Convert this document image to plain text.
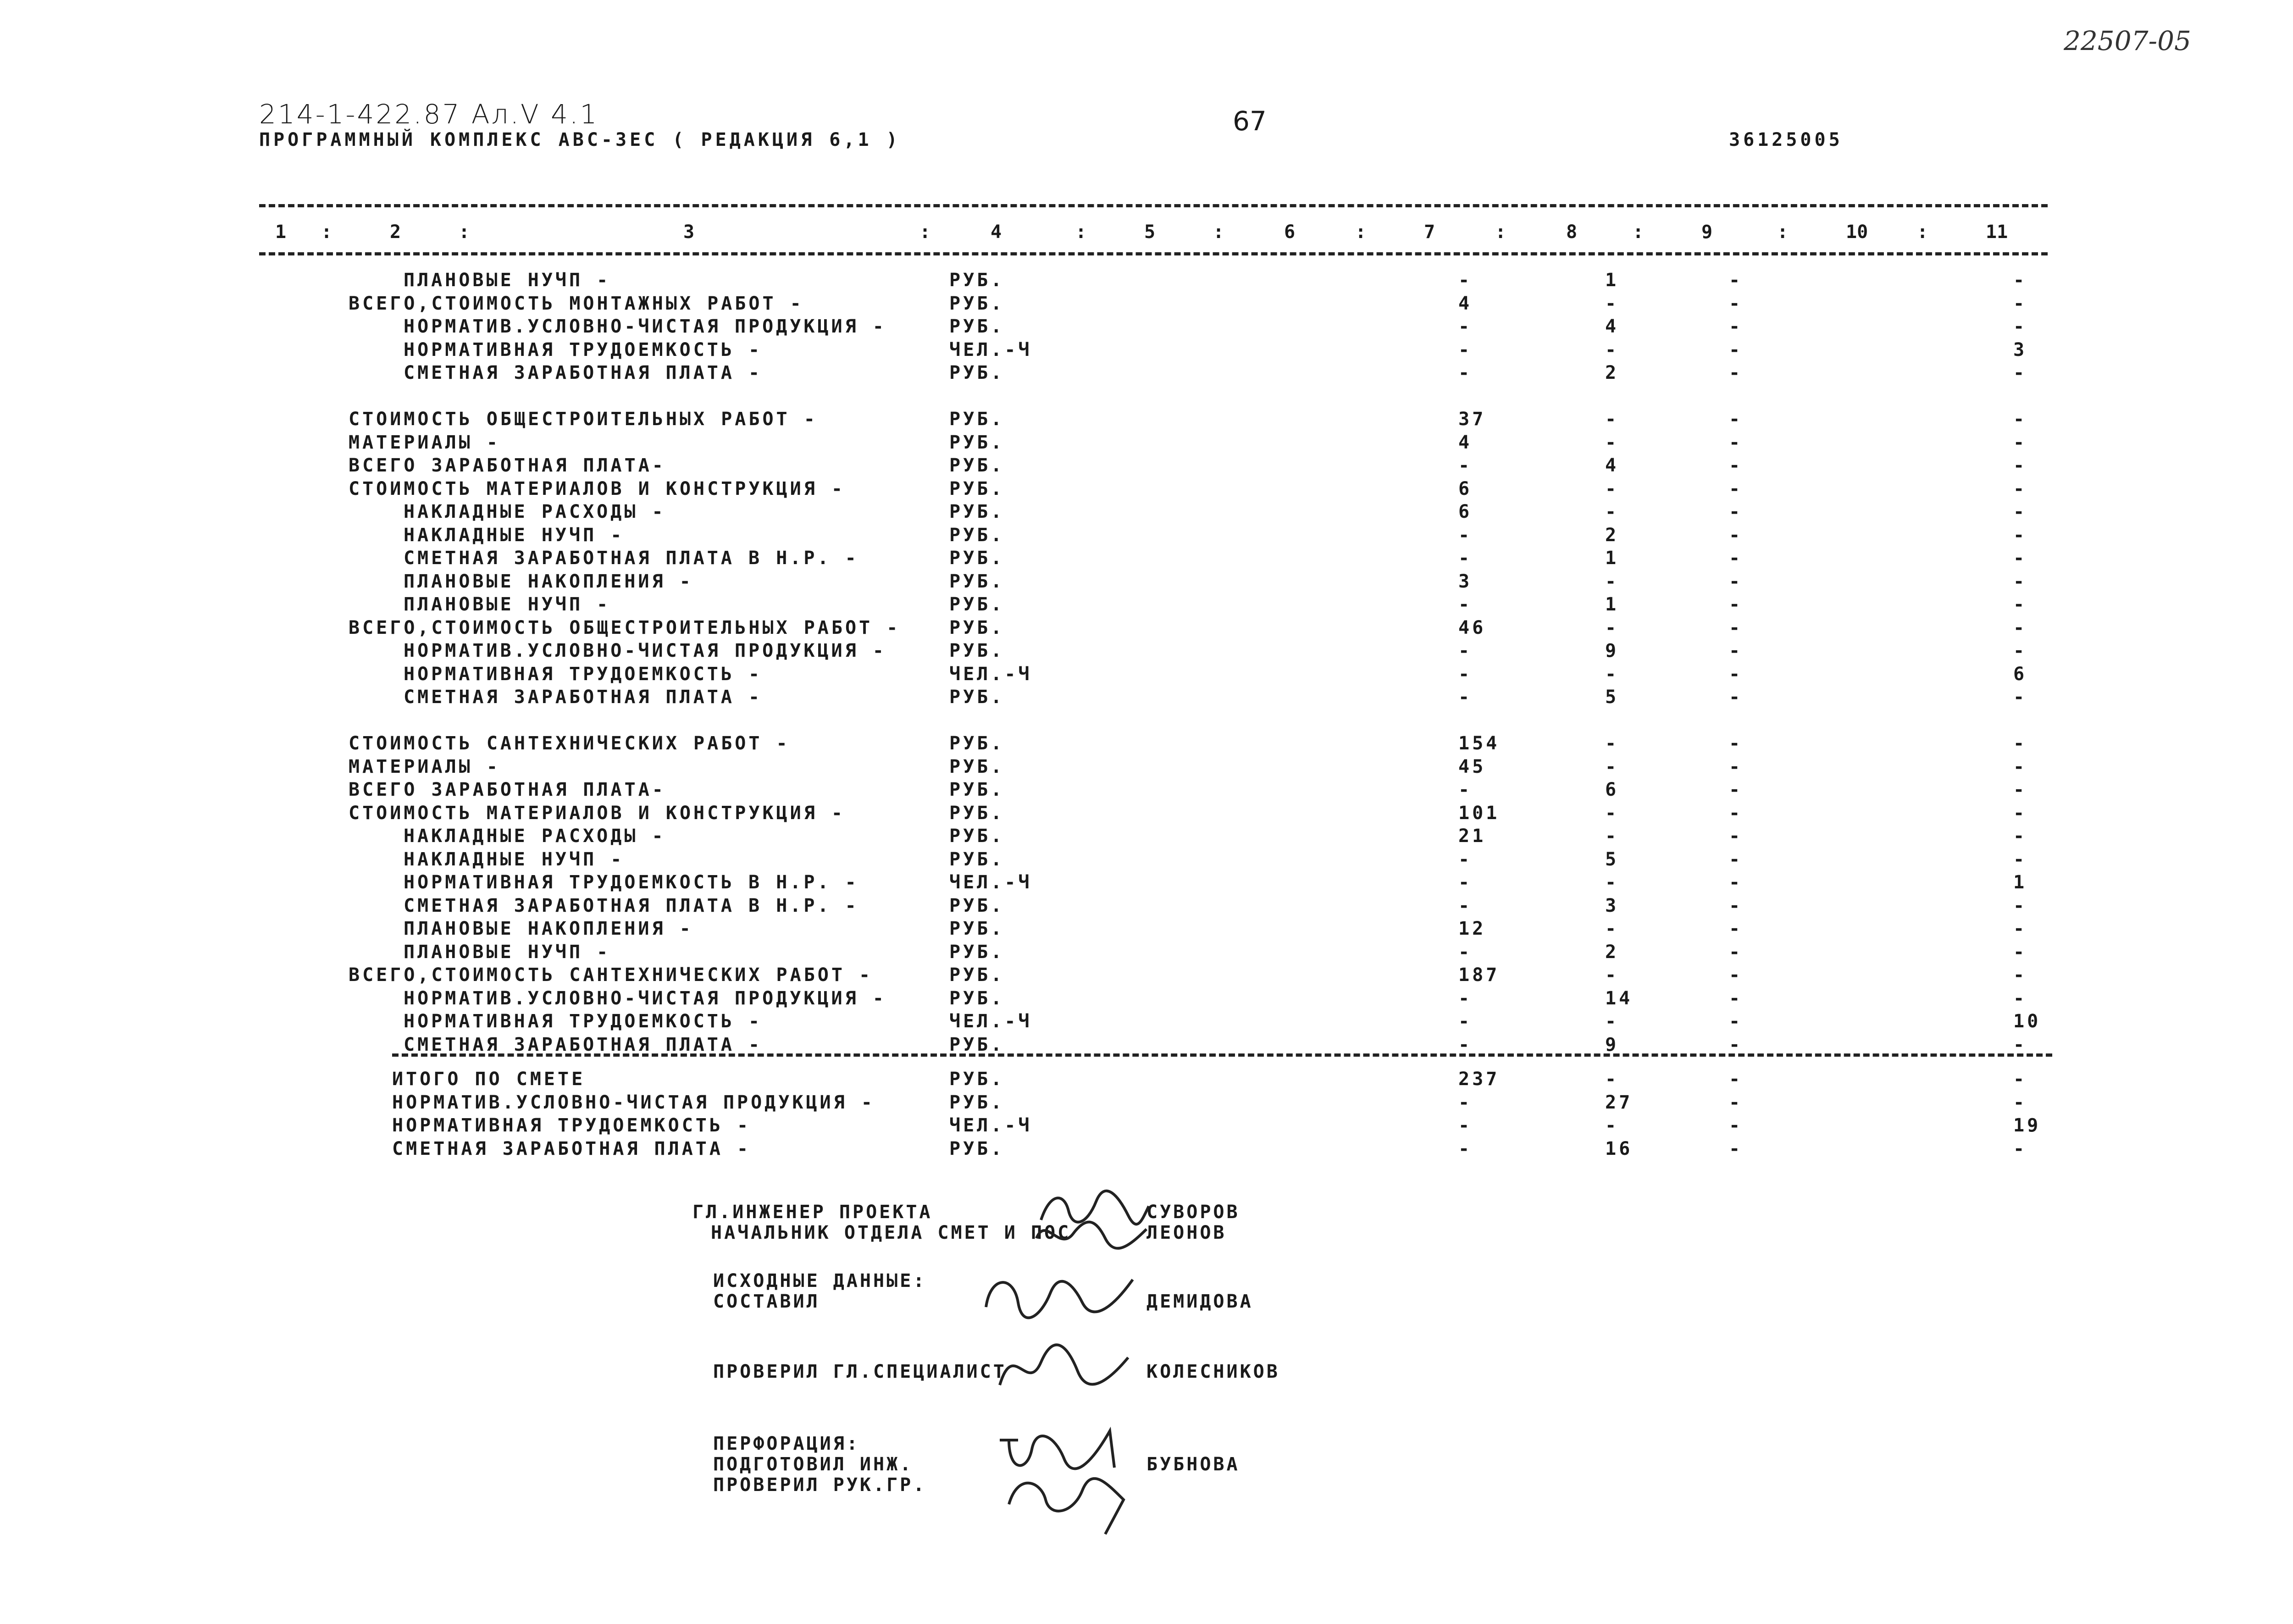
22507-05
214-1-422.87 Ал.V 4.1
ПРОГРАММНЫЙ КОМПЛЕКС АВС-3ЕС ( РЕДАКЦИЯ 6,1 )
67
36125005
1	2	3	4	5	6	7	8	9	10	11
:	:	:	:	:	:	:	:	:	:
ПЛАНОВЫЕ НУЧП -	РУБ.	-	1	-	-
ВСЕГО,СТОИМОСТЬ МОНТАЖНЫХ РАБОТ -	РУБ.	4	-	-	-
НОРМАТИВ.УСЛОВНО-ЧИСТАЯ ПРОДУКЦИЯ -	РУБ.	-	4	-	-
НОРМАТИВНАЯ ТРУДОЕМКОСТЬ -	ЧЕЛ.-Ч	-	-	-	3
СМЕТНАЯ ЗАРАБОТНАЯ ПЛАТА -	РУБ.	-	2	-	-
СТОИМОСТЬ ОБЩЕСТРОИТЕЛЬНЫХ РАБОТ -	РУБ.	37	-	-	-
МАТЕРИАЛЫ -	РУБ.	4	-	-	-
ВСЕГО ЗАРАБОТНАЯ ПЛАТА-	РУБ.	-	4	-	-
СТОИМОСТЬ МАТЕРИАЛОВ И КОНСТРУКЦИЯ -	РУБ.	6	-	-	-
НАКЛАДНЫЕ РАСХОДЫ -	РУБ.	6	-	-	-
НАКЛАДНЫЕ НУЧП -	РУБ.	-	2	-	-
СМЕТНАЯ ЗАРАБОТНАЯ ПЛАТА В Н.Р. -	РУБ.	-	1	-	-
ПЛАНОВЫЕ НАКОПЛЕНИЯ -	РУБ.	3	-	-	-
ПЛАНОВЫЕ НУЧП -	РУБ.	-	1	-	-
ВСЕГО,СТОИМОСТЬ ОБЩЕСТРОИТЕЛЬНЫХ РАБОТ -	РУБ.	46	-	-	-
НОРМАТИВ.УСЛОВНО-ЧИСТАЯ ПРОДУКЦИЯ -	РУБ.	-	9	-	-
НОРМАТИВНАЯ ТРУДОЕМКОСТЬ -	ЧЕЛ.-Ч	-	-	-	6
СМЕТНАЯ ЗАРАБОТНАЯ ПЛАТА -	РУБ.	-	5	-	-
СТОИМОСТЬ САНТЕХНИЧЕСКИХ РАБОТ -	РУБ.	154	-	-	-
МАТЕРИАЛЫ -	РУБ.	45	-	-	-
ВСЕГО ЗАРАБОТНАЯ ПЛАТА-	РУБ.	-	6	-	-
СТОИМОСТЬ МАТЕРИАЛОВ И КОНСТРУКЦИЯ -	РУБ.	101	-	-	-
НАКЛАДНЫЕ РАСХОДЫ -	РУБ.	21	-	-	-
НАКЛАДНЫЕ НУЧП -	РУБ.	-	5	-	-
НОРМАТИВНАЯ ТРУДОЕМКОСТЬ В Н.Р. -	ЧЕЛ.-Ч	-	-	-	1
СМЕТНАЯ ЗАРАБОТНАЯ ПЛАТА В Н.Р. -	РУБ.	-	3	-	-
ПЛАНОВЫЕ НАКОПЛЕНИЯ -	РУБ.	12	-	-	-
ПЛАНОВЫЕ НУЧП -	РУБ.	-	2	-	-
ВСЕГО,СТОИМОСТЬ САНТЕХНИЧЕСКИХ РАБОТ -	РУБ.	187	-	-	-
НОРМАТИВ.УСЛОВНО-ЧИСТАЯ ПРОДУКЦИЯ -	РУБ.	-	14	-	-
НОРМАТИВНАЯ ТРУДОЕМКОСТЬ -	ЧЕЛ.-Ч	-	-	-	10
СМЕТНАЯ ЗАРАБОТНАЯ ПЛАТА -	РУБ.	-	9	-	-
ИТОГО ПО СМЕТЕ	РУБ.	237	-	-	-
НОРМАТИВ.УСЛОВНО-ЧИСТАЯ ПРОДУКЦИЯ -	РУБ.	-	27	-	-
НОРМАТИВНАЯ ТРУДОЕМКОСТЬ -	ЧЕЛ.-Ч	-	-	-	19
СМЕТНАЯ ЗАРАБОТНАЯ ПЛАТА -	РУБ.	-	16	-	-
ГЛ.ИНЖЕНЕР ПРОЕКТА
НАЧАЛЬНИК ОТДЕЛА СМЕТ И ПОС
СУВОРОВ
ЛЕОНОВ
ИСХОДНЫЕ ДАННЫЕ:
СОСТАВИЛ	ДЕМИДОВА
ПРОВЕРИЛ ГЛ.СПЕЦИАЛИСТ	КОЛЕСНИКОВ
ПЕРФОРАЦИЯ:
ПОДГОТОВИЛ ИНЖ.
ПРОВЕРИЛ РУК.ГР.
БУБНОВА
